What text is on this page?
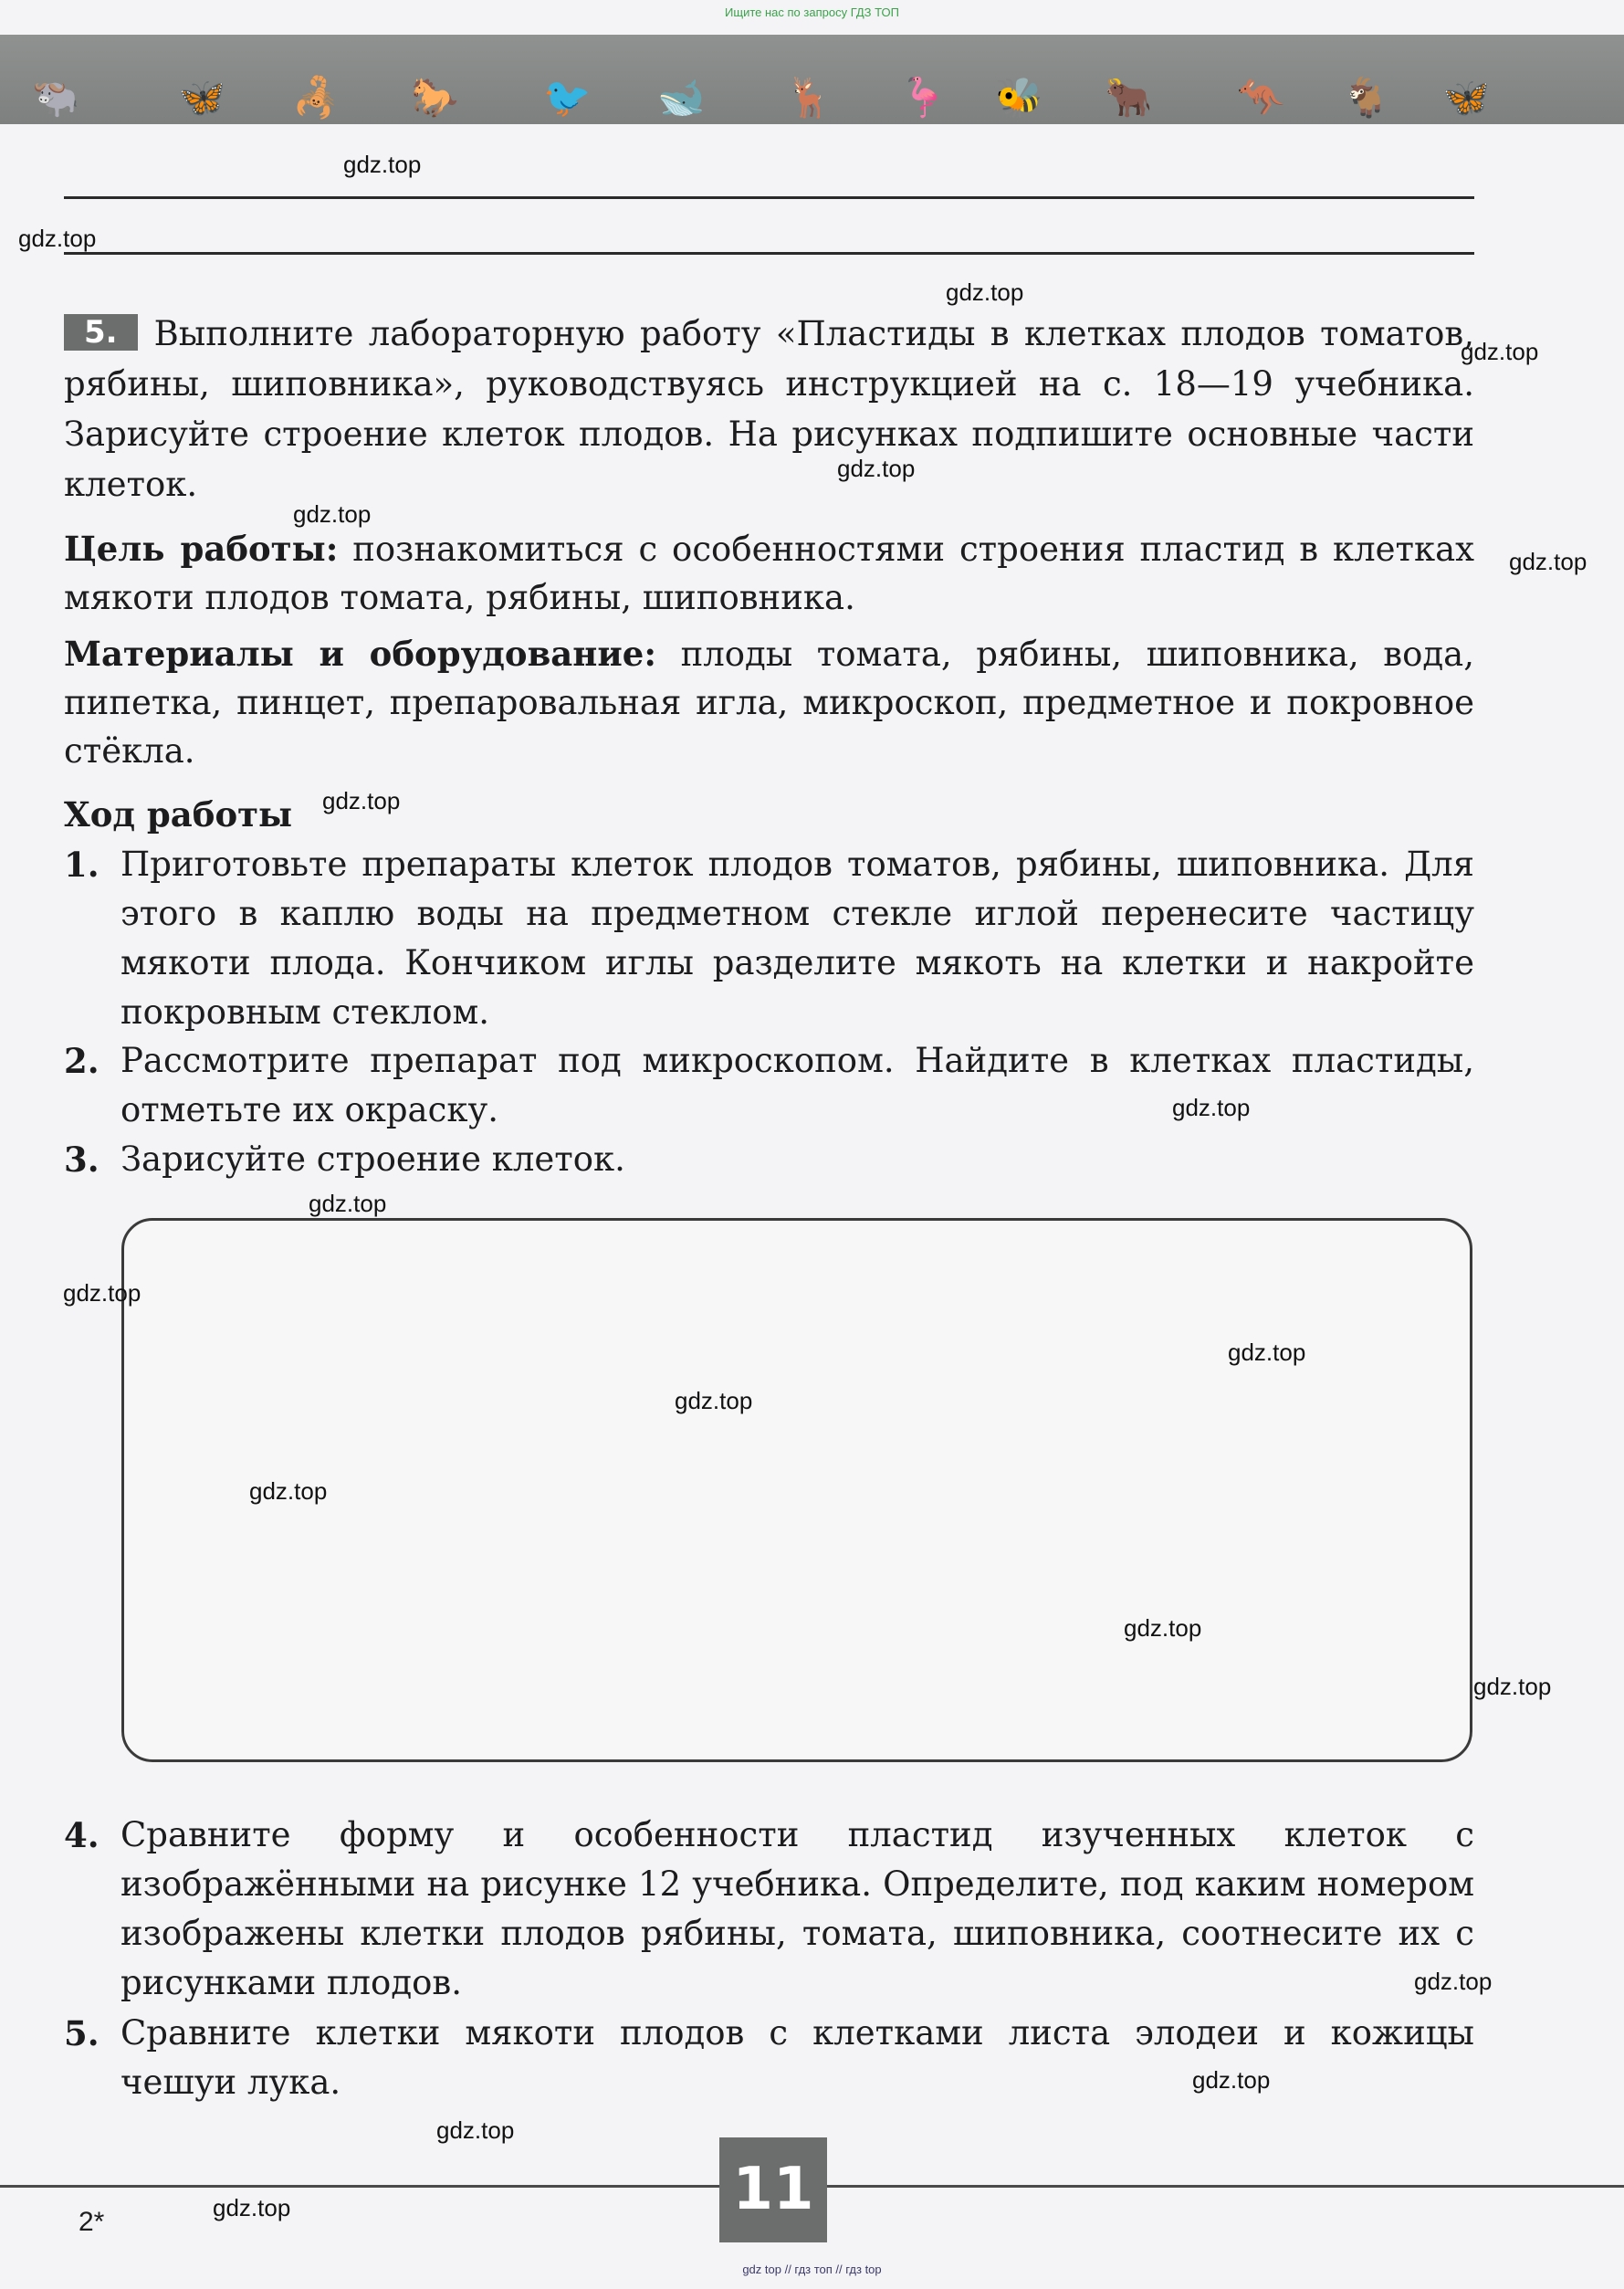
Ищите нас по запросу ГДЗ ТОП
🐃	🦋 🦂 🐎 🐦 🐋 🦌 🦩 🐝 🐂 🦘 🐐 🦋
5. Выполните лабораторную работу «Пластиды в клетках плодов томатов, рябины, шиповника», руководствуясь инструкцией на с. 18—19 учебника. Зарисуйте строение клеток плодов. На рисунках подпишите основные части клеток.
Цель работы: познакомиться с особенностями строения пластид в клетках мякоти плодов томата, рябины, шиповника.
Материалы и оборудование: плоды томата, рябины, шиповника, вода, пипетка, пинцет, препаровальная игла, микроскоп, предметное и покровное стёкла.
Ход работы
1. Приготовьте препараты клеток плодов томатов, рябины, шиповника. Для этого в каплю воды на предметном стекле иглой перенесите частицу мякоти плода. Кончиком иглы разделите мякоть на клетки и накройте покровным стеклом.
2. Рассмотрите препарат под микроскопом. Найдите в клетках пластиды, отметьте их окраску.
3. Зарисуйте строение клеток.
4. Сравните форму и особенности пластид изученных клеток с изображёнными на рисунке 12 учебника. Определите, под каким номером изображены клетки плодов рябины, томата, шиповника, соотнесите их с рисунками плодов.
5. Сравните клетки мякоти плодов с клетками листа элодеи и кожицы чешуи лука.
gdz.top
gdz.top
gdz.top
gdz.top
gdz.top
gdz.top
gdz.top
gdz.top
gdz.top
gdz.top
gdz.top
gdz.top
gdz.top
gdz.top
gdz.top
gdz.top
gdz.top
gdz.top
gdz.top
gdz.top	11
2*
gdz top // гдз топ // гдз top
